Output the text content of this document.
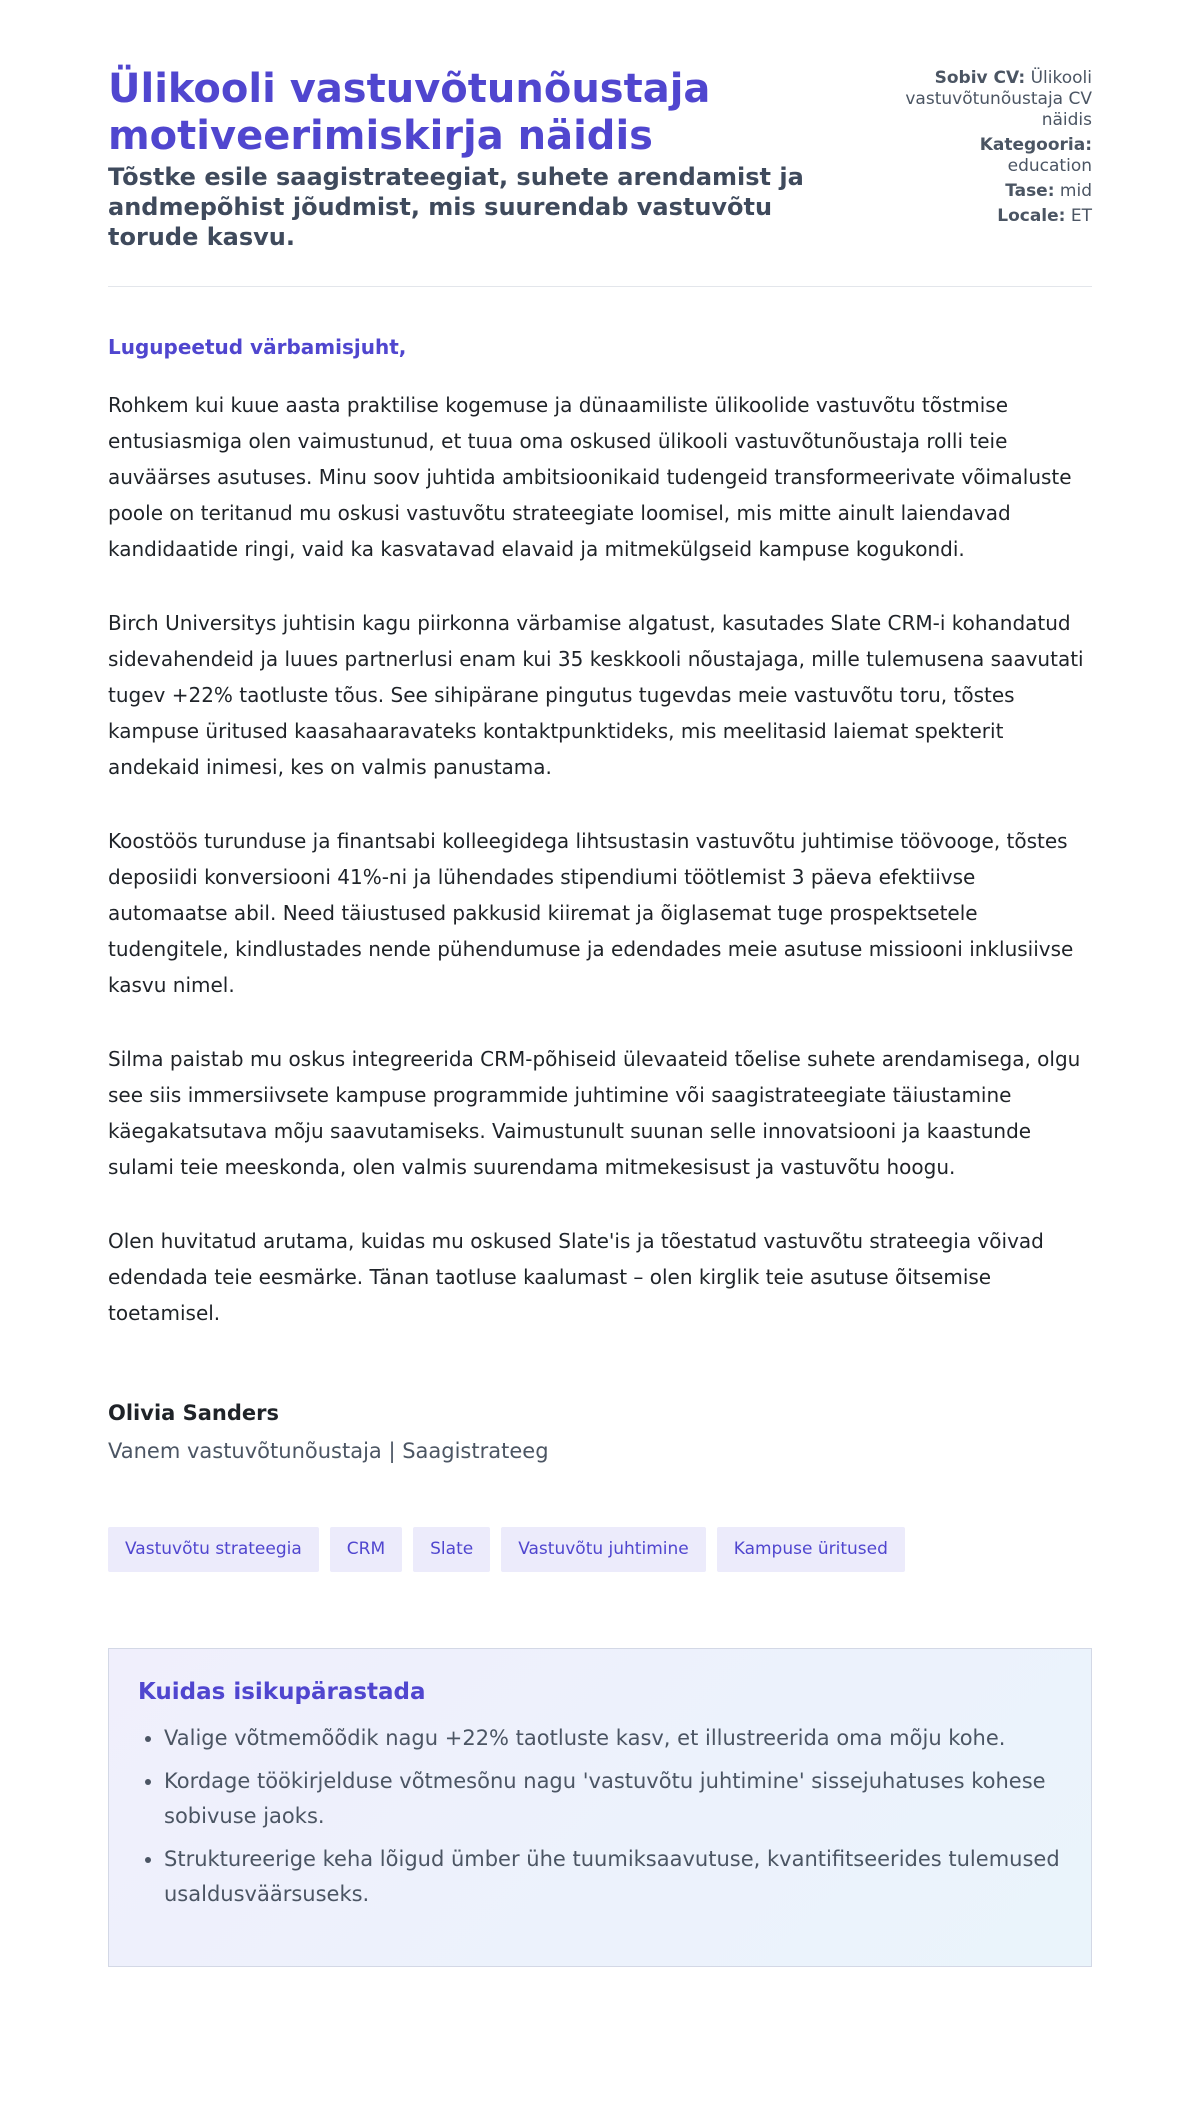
Ülikooli vastuvõtunõustaja motiveerimiskirja näidis
Tõstke esile saagistrateegiat, suhete arendamist ja andmepõhist jõudmist, mis suurendab vastuvõtu torude kasvu.
Sobiv CV: Ülikooli vastuvõtunõustaja CV näidis
Kategooria:
education
Tase: mid
Locale: ET
Lugupeetud värbamisjuht,

Rohkem kui kuue aasta praktilise kogemuse ja dünaamiliste ülikoolide vastuvõtu tõstmise entusiasmiga olen vaimustunud, et tuua oma oskused ülikooli vastuvõtunõustaja rolli teie auväärses asutuses. Minu soov juhtida ambitsioonikaid tudengeid transformeerivate võimaluste poole on teritanud mu oskusi vastuvõtu strateegiate loomisel, mis mitte ainult laiendavad kandidaatide ringi, vaid ka kasvatavad elavaid ja mitmekülgseid kampuse kogukondi.

Birch Universitys juhtisin kagu piirkonna värbamise algatust, kasutades Slate CRM-i kohandatud sidevahendeid ja luues partnerlusi enam kui 35 keskkooli nõustajaga, mille tulemusena saavutati tugev +22% taotluste tõus. See sihipärane pingutus tugevdas meie vastuvõtu toru, tõstes kampuse üritused kaasahaaravateks kontaktpunktideks, mis meelitasid laiemat spekterit andekaid inimesi, kes on valmis panustama.

Koostöös turunduse ja finantsabi kolleegidega lihtsustasin vastuvõtu juhtimise töövooge, tõstes deposiidi konversiooni 41%-ni ja lühendades stipendiumi töötlemist 3 päeva efektiivse automaatse abil. Need täiustused pakkusid kiiremat ja õiglasemat tuge prospektsetele tudengitele, kindlustades nende pühendumuse ja edendades meie asutuse missiooni inklusiivse kasvu nimel.

Silma paistab mu oskus integreerida CRM-põhiseid ülevaateid tõelise suhete arendamisega, olgu see siis immersiivsete kampuse programmide juhtimine või saagistrateegiate täiustamine käegakatsutava mõju saavutamiseks. Vaimustunult suunan selle innovatsiooni ja kaastunde sulami teie meeskonda, olen valmis suurendama mitmekesisust ja vastuvõtu hoogu.

Olen huvitatud arutama, kuidas mu oskused Slate'is ja tõestatud vastuvõtu strateegia võivad edendada teie eesmärke. Tänan taotluse kaalumast – olen kirglik teie asutuse õitsemise toetamisel.

Olivia Sanders
Vanem vastuvõtunõustaja | Saagistrateeg
Vastuvõtu strateegia	CRM	Slate	Vastuvõtu juhtimine	Kampuse üritused
Kuidas isikupärastada
• Valige võtmemõõdik nagu +22% taotluste kasv, et illustreerida oma mõju kohe.
• Kordage töökirjelduse võtmesõnu nagu 'vastuvõtu juhtimine' sissejuhatuses kohese sobivuse jaoks.
• Struktureerige keha lõigud ümber ühe tuumiksaavutuse, kvantifitseerides tulemused usaldusväärsuseks.
